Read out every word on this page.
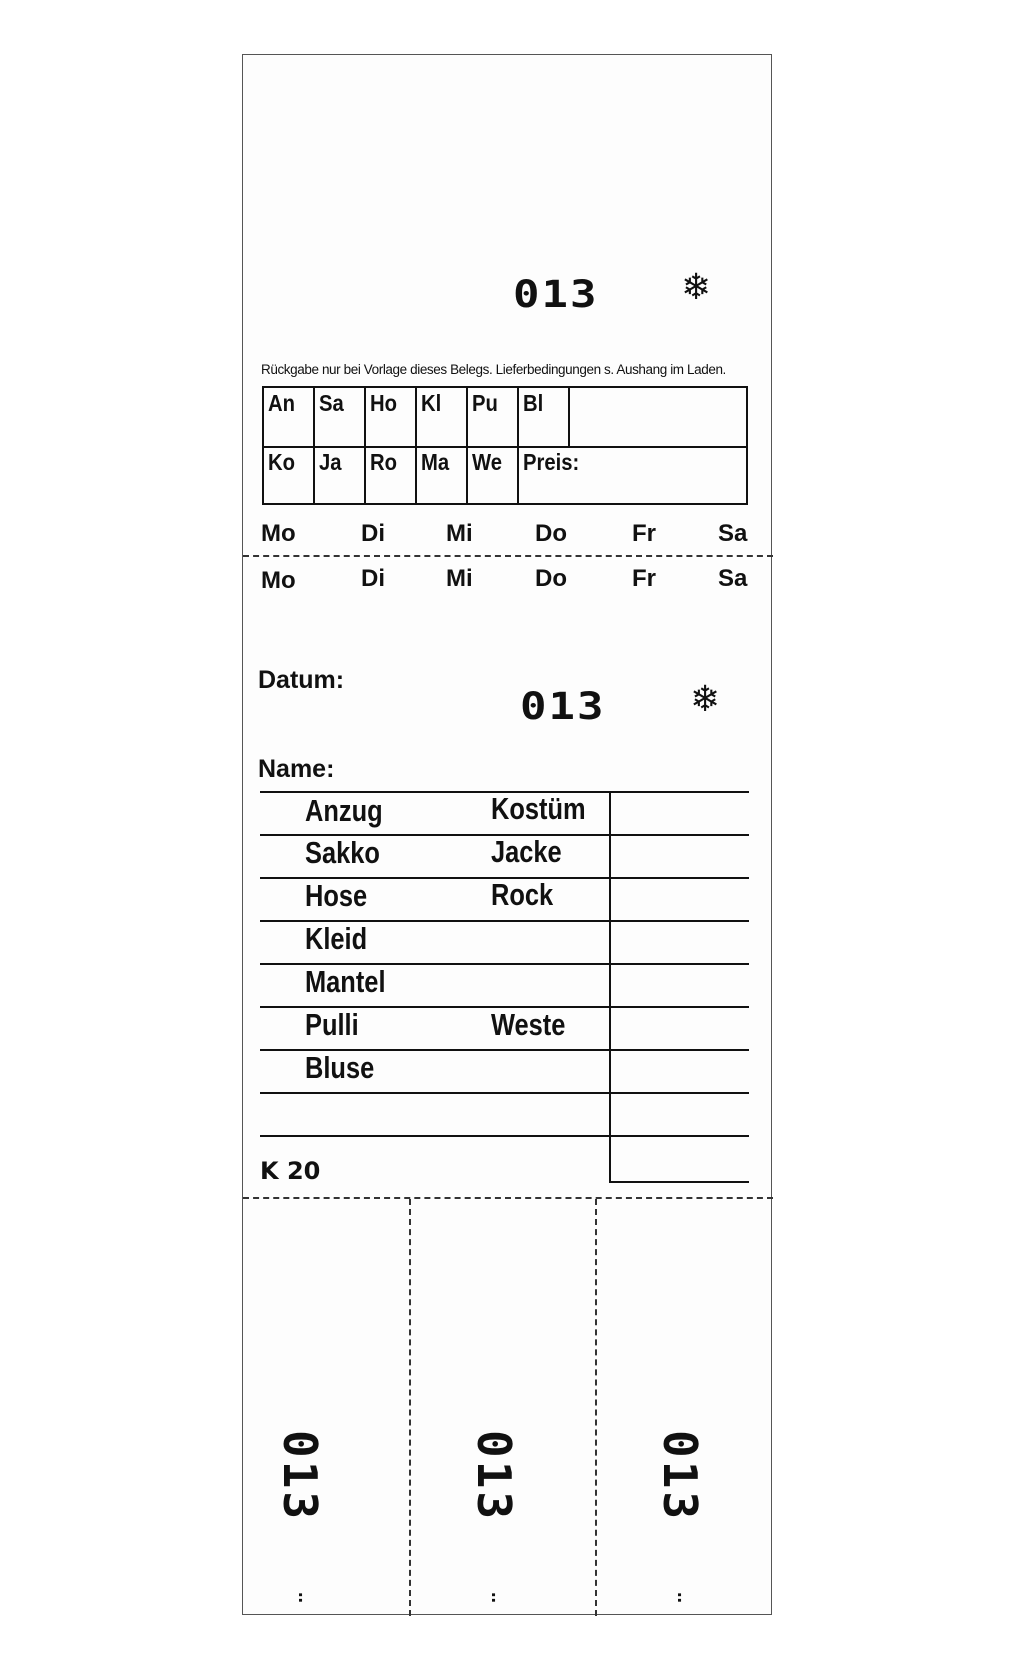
013 ❄
Rückgabe nur bei Vorlage dieses Belegs. Lieferbedingungen s. Aushang im Laden.
An Sa Ho Kl Pu Bl
Ko Ja Ro Ma We Preis:
Mo	Di	Mi	Do	Fr	Sa
Mo	Di	Mi	Do	Fr	Sa
Datum:
013 ❄
Name:
Anzug	Kostüm
Sakko	Jacke
Hose	Rock
Kleid
Mantel
Pulli	Weste
Bluse
K 20
013	013	013
..	..	..
